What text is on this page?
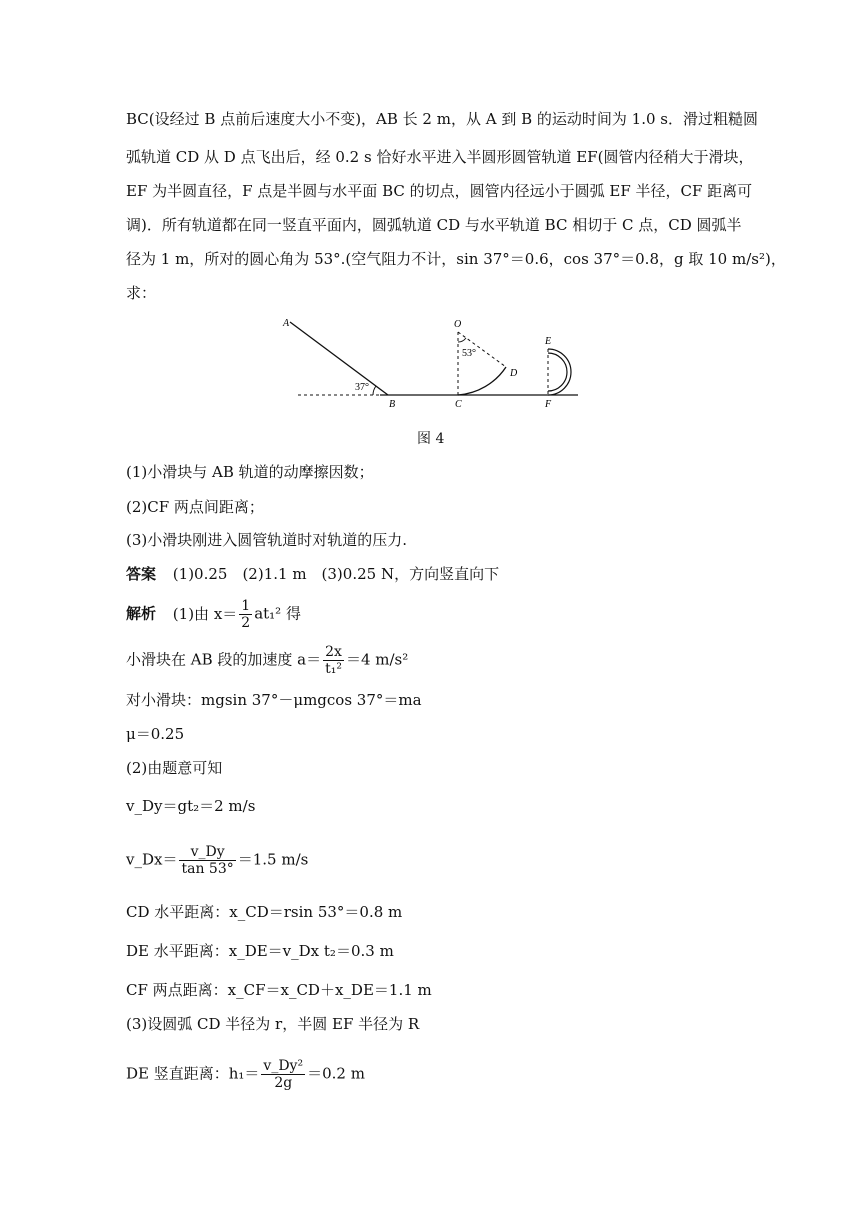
BC(设经过 B 点前后速度大小不变)，AB 长 2 m，从 A 到 B 的运动时间为 1.0 s．滑过粗糙圆
弧轨道 CD 从 D 点飞出后，经 0.2 s 恰好水平进入半圆形圆管轨道 EF(圆管内径稍大于滑块，
EF 为半圆直径，F 点是半圆与水平面 BC 的切点，圆管内径远小于圆弧 EF 半径，CF 距离可
调)．所有轨道都在同一竖直平面内，圆弧轨道 CD 与水平轨道 BC 相切于 C 点，CD 圆弧半
径为 1 m，所对的圆心角为 53°.(空气阻力不计，sin 37°＝0.6，cos 37°＝0.8，g 取 10 m/s²)，
求：
37°
A
B
53°
O
C
D
E
F
图 4
(1)小滑块与 AB 轨道的动摩擦因数；
(2)CF 两点间距离；
(3)小滑块刚进入圆管轨道时对轨道的压力.
答案 (1)0.25　(2)1.1 m　(3)0.25 N，方向竖直向下
解析 (1)由 $x= \frac{1}{2} at_1^2$ 得
小滑块在 AB 段的加速度 $a= \frac{2x}{\text{t₁²}} =4$ m/s²
对小滑块：mgsin 37°－μmgcos 37°＝ma
μ＝0.25
(2)由题意可知
v_Dy＝gt₂＝2 m/s
v_Dx＝ $\frac{v\_Dy}{\tan 53^\circ} =1.5$ m/s
CD 水平距离：x_CD＝rsin 53°＝0.8 m
DE 水平距离：x_DE＝v_Dx t₂＝0.3 m
CF 两点距离：x_CF＝x_CD＋x_DE＝1.1 m
(3)设圆弧 CD 半径为 r，半圆 EF 半径为 R
DE 竖直距离：$h_1= \frac{\text{v\_Dy²}}{2g} =0.2$ m
